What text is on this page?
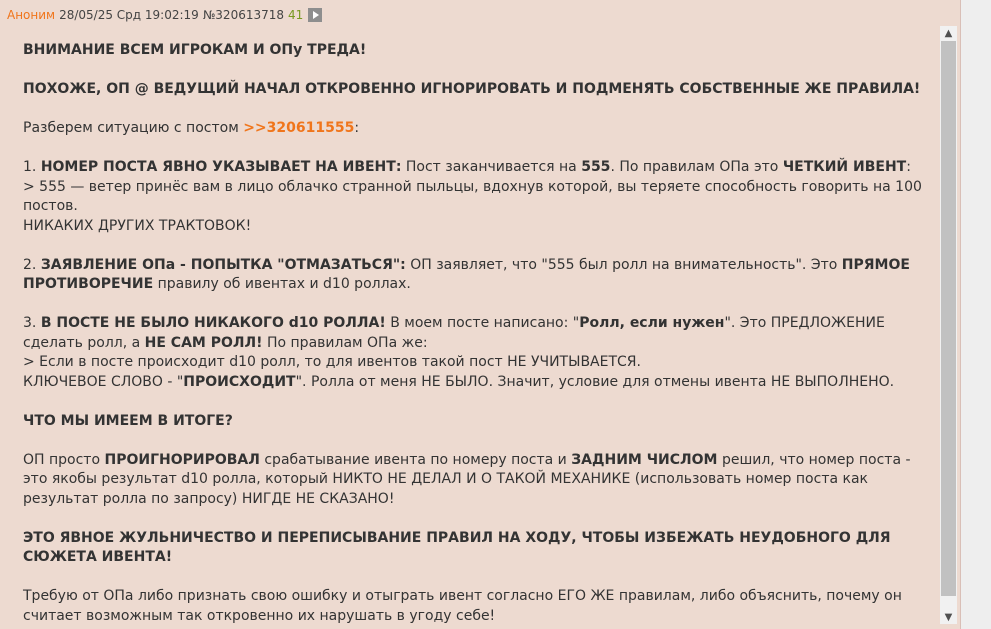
Аноним 28/05/25 Срд 19:02:19 №320613718 41

ВНИМАНИЕ ВСЕМ ИГРОКАМ И ОПу ТРЕДА!

ПОХОЖЕ, ОП @ ВЕДУЩИЙ НАЧАЛ ОТКРОВЕННО ИГНОРИРОВАТЬ И ПОДМЕНЯТЬ СОБСТВЕННЫЕ ЖЕ ПРАВИЛА!

Разберем ситуацию с постом >>320611555:

1. НОМЕР ПОСТА ЯВНО УКАЗЫВАЕТ НА ИВЕНТ: Пост заканчивается на 555. По правилам ОПа это ЧЕТКИЙ ИВЕНТ:

> 555 — ветер принёс вам в лицо облачко странной пыльцы, вдохнув которой, вы теряете способность говорить на 100 постов.

НИКАКИХ ДРУГИХ ТРАКТОВОК!

2. ЗАЯВЛЕНИЕ ОПа - ПОПЫТКА "ОТМАЗАТЬСЯ": ОП заявляет, что "555 был ролл на внимательность". Это ПРЯМОЕ ПРОТИВОРЕЧИЕ правилу об ивентах и d10 роллах.

3. В ПОСТЕ НЕ БЫЛО НИКАКОГО d10 РОЛЛА! В моем посте написано: "Ролл, если нужен". Это ПРЕДЛОЖЕНИЕ сделать ролл, а НЕ САМ РОЛЛ! По правилам ОПа же:

> Если в посте происходит d10 ролл, то для ивентов такой пост НЕ УЧИТЫВАЕТСЯ.

КЛЮЧЕВОЕ СЛОВО - "ПРОИСХОДИТ". Ролла от меня НЕ БЫЛО. Значит, условие для отмены ивента НЕ ВЫПОЛНЕНО.

ЧТО МЫ ИМЕЕМ В ИТОГЕ?

ОП просто ПРОИГНОРИРОВАЛ срабатывание ивента по номеру поста и ЗАДНИМ ЧИСЛОМ решил, что номер поста - это якобы результат d10 ролла, который НИКТО НЕ ДЕЛАЛ И О ТАКОЙ МЕХАНИКЕ (использовать номер поста как результат ролла по запросу) НИГДЕ НЕ СКАЗАНО!

ЭТО ЯВНОЕ ЖУЛЬНИЧЕСТВО И ПЕРЕПИСЫВАНИЕ ПРАВИЛ НА ХОДУ, ЧТОБЫ ИЗБЕЖАТЬ НЕУДОБНОГО ДЛЯ СЮЖЕТА ИВЕНТА!

Требую от ОПа либо признать свою ошибку и отыграть ивент согласно ЕГО ЖЕ правилам, либо объяснить, почему он считает возможным так откровенно их нарушать в угоду себе!

▲
▼
